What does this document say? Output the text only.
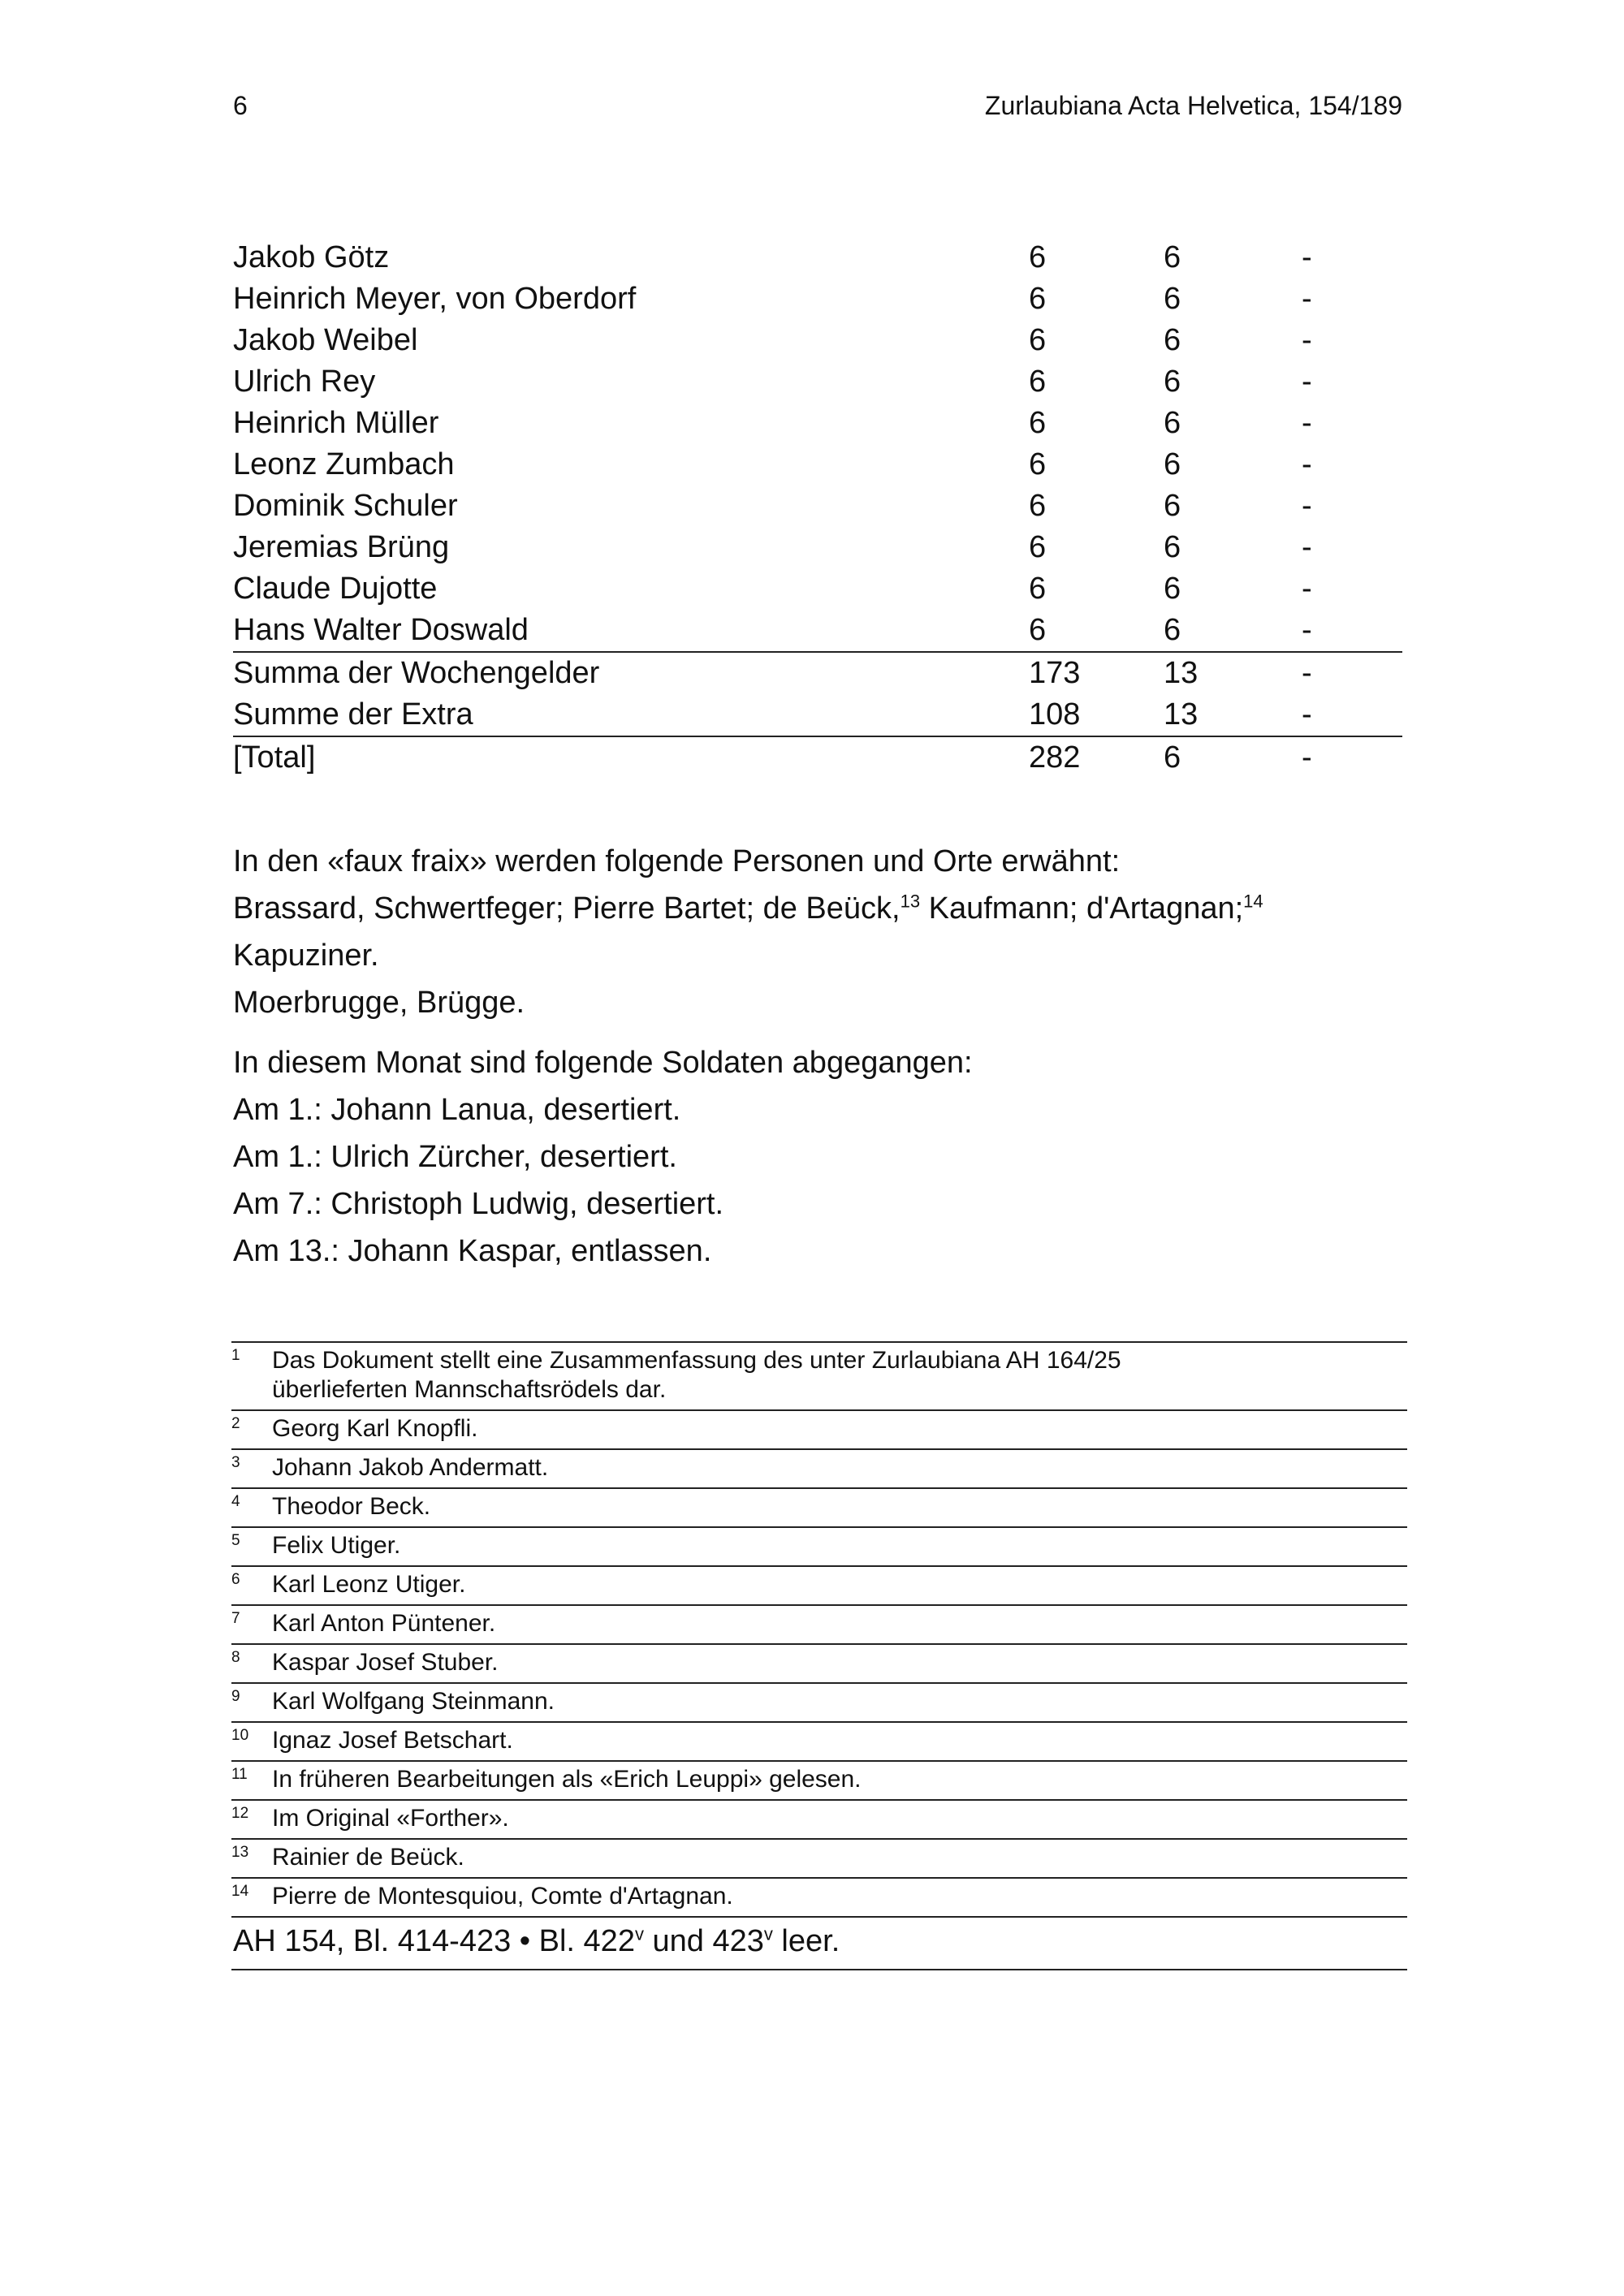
6	Zurlaubiana Acta Helvetica, 154/189
Jakob Götz	6	6	-
Heinrich Meyer, von Oberdorf	6	6	-
Jakob Weibel	6	6	-
Ulrich Rey	6	6	-
Heinrich Müller	6	6	-
Leonz Zumbach	6	6	-
Dominik Schuler	6	6	-
Jeremias Brüng	6	6	-
Claude Dujotte	6	6	-
Hans Walter Doswald	6	6	-
Summa der Wochengelder	173	13	-
Summe der Extra	108	13	-
[Total]	282	6	-
In den «faux fraix» werden folgende Personen und Orte erwähnt:
Brassard, Schwertfeger; Pierre Bartet; de Beück,$^{13}$ Kaufmann; d'Artagnan;$^{14}$
Kapuziner.
Moerbrugge, Brügge.
In diesem Monat sind folgende Soldaten abgegangen:
Am 1.: Johann Lanua, desertiert.
Am 1.: Ulrich Zürcher, desertiert.
Am 7.: Christoph Ludwig, desertiert.
Am 13.: Johann Kaspar, entlassen.
1	Das Dokument stellt eine Zusammenfassung des unter Zurlaubiana AH 164/25
überlieferten Mannschaftsrödels dar.
2	Georg Karl Knopfli.
3	Johann Jakob Andermatt.
4	Theodor Beck.
5	Felix Utiger.
6	Karl Leonz Utiger.
7	Karl Anton Püntener.
8	Kaspar Josef Stuber.
9	Karl Wolfgang Steinmann.
10 Ignaz Josef Betschart.
11	In früheren Bearbeitungen als «Erich Leuppi» gelesen.
12 Im Original «Forther».
13 Rainier de Beück.
14 Pierre de Montesquiou, Comte d'Artagnan.
AH 154, Bl. 414-423 • Bl. 422$^v$ und 423$^v$ leer.
